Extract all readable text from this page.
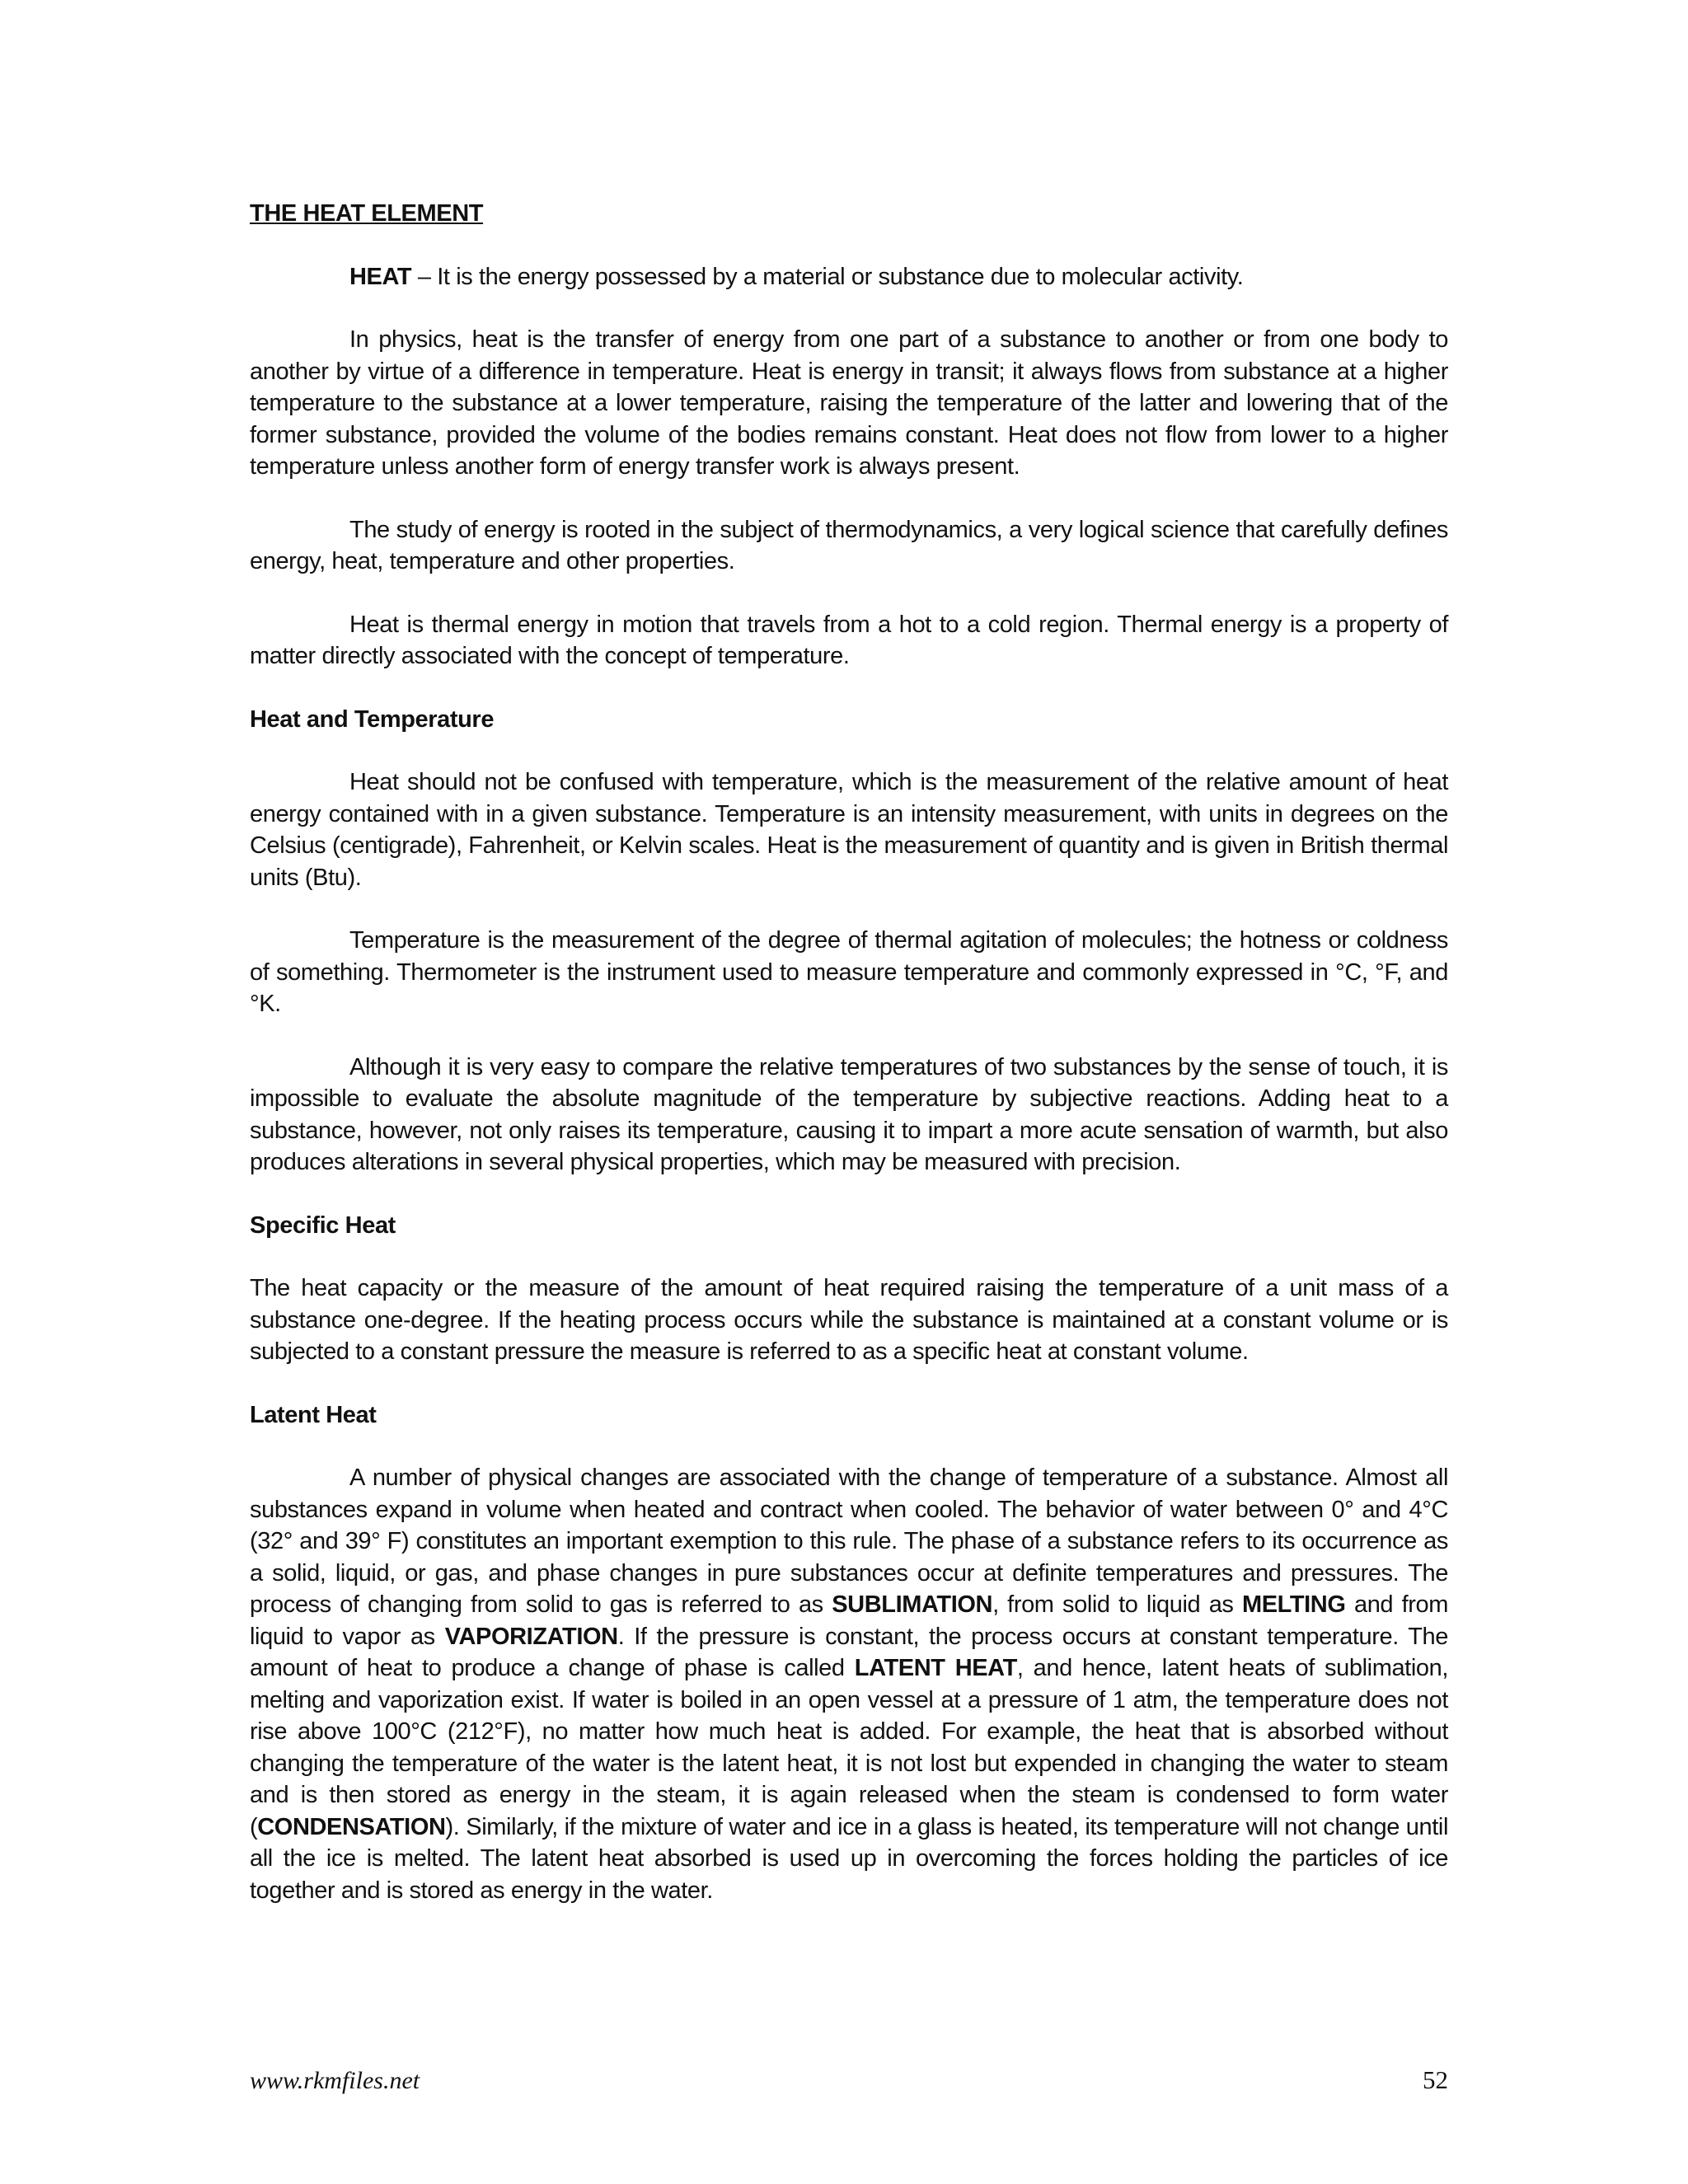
THE HEAT ELEMENT

HEAT – It is the energy possessed by a material or substance due to molecular activity.

In physics, heat is the transfer of energy from one part of a substance to another or from one body to another by virtue of a difference in temperature. Heat is energy in transit; it always flows from substance at a higher temperature to the substance at a lower temperature, raising the temperature of the latter and lowering that of the former substance, provided the volume of the bodies remains constant. Heat does not flow from lower to a higher temperature unless another form of energy transfer work is always present.

The study of energy is rooted in the subject of thermodynamics, a very logical science that carefully defines energy, heat, temperature and other properties.

Heat is thermal energy in motion that travels from a hot to a cold region. Thermal energy is a property of matter directly associated with the concept of temperature.

Heat and Temperature

Heat should not be confused with temperature, which is the measurement of the relative amount of heat energy contained with in a given substance. Temperature is an intensity measurement, with units in degrees on the Celsius (centigrade), Fahrenheit, or Kelvin scales. Heat is the measurement of quantity and is given in British thermal units (Btu).

Temperature is the measurement of the degree of thermal agitation of molecules; the hotness or coldness of something. Thermometer is the instrument used to measure temperature and commonly expressed in °C, °F, and °K.

Although it is very easy to compare the relative temperatures of two substances by the sense of touch, it is impossible to evaluate the absolute magnitude of the temperature by subjective reactions. Adding heat to a substance, however, not only raises its temperature, causing it to impart a more acute sensation of warmth, but also produces alterations in several physical properties, which may be measured with precision.

Specific Heat

The heat capacity or the measure of the amount of heat required raising the temperature of a unit mass of a substance one-degree. If the heating process occurs while the substance is maintained at a constant volume or is subjected to a constant pressure the measure is referred to as a specific heat at constant volume.

Latent Heat

A number of physical changes are associated with the change of temperature of a substance. Almost all substances expand in volume when heated and contract when cooled. The behavior of water between 0° and 4°C (32° and 39° F) constitutes an important exemption to this rule. The phase of a substance refers to its occurrence as a solid, liquid, or gas, and phase changes in pure substances occur at definite temperatures and pressures. The process of changing from solid to gas is referred to as SUBLIMATION, from solid to liquid as MELTING and from liquid to vapor as VAPORIZATION. If the pressure is constant, the process occurs at constant temperature. The amount of heat to produce a change of phase is called LATENT HEAT, and hence, latent heats of sublimation, melting and vaporization exist. If water is boiled in an open vessel at a pressure of 1 atm, the temperature does not rise above 100°C (212°F), no matter how much heat is added. For example, the heat that is absorbed without changing the temperature of the water is the latent heat, it is not lost but expended in changing the water to steam and is then stored as energy in the steam, it is again released when the steam is condensed to form water (CONDENSATION). Similarly, if the mixture of water and ice in a glass is heated, its temperature will not change until all the ice is melted. The latent heat absorbed is used up in overcoming the forces holding the particles of ice together and is stored as energy in the water.

www.rkmfiles.net	52
